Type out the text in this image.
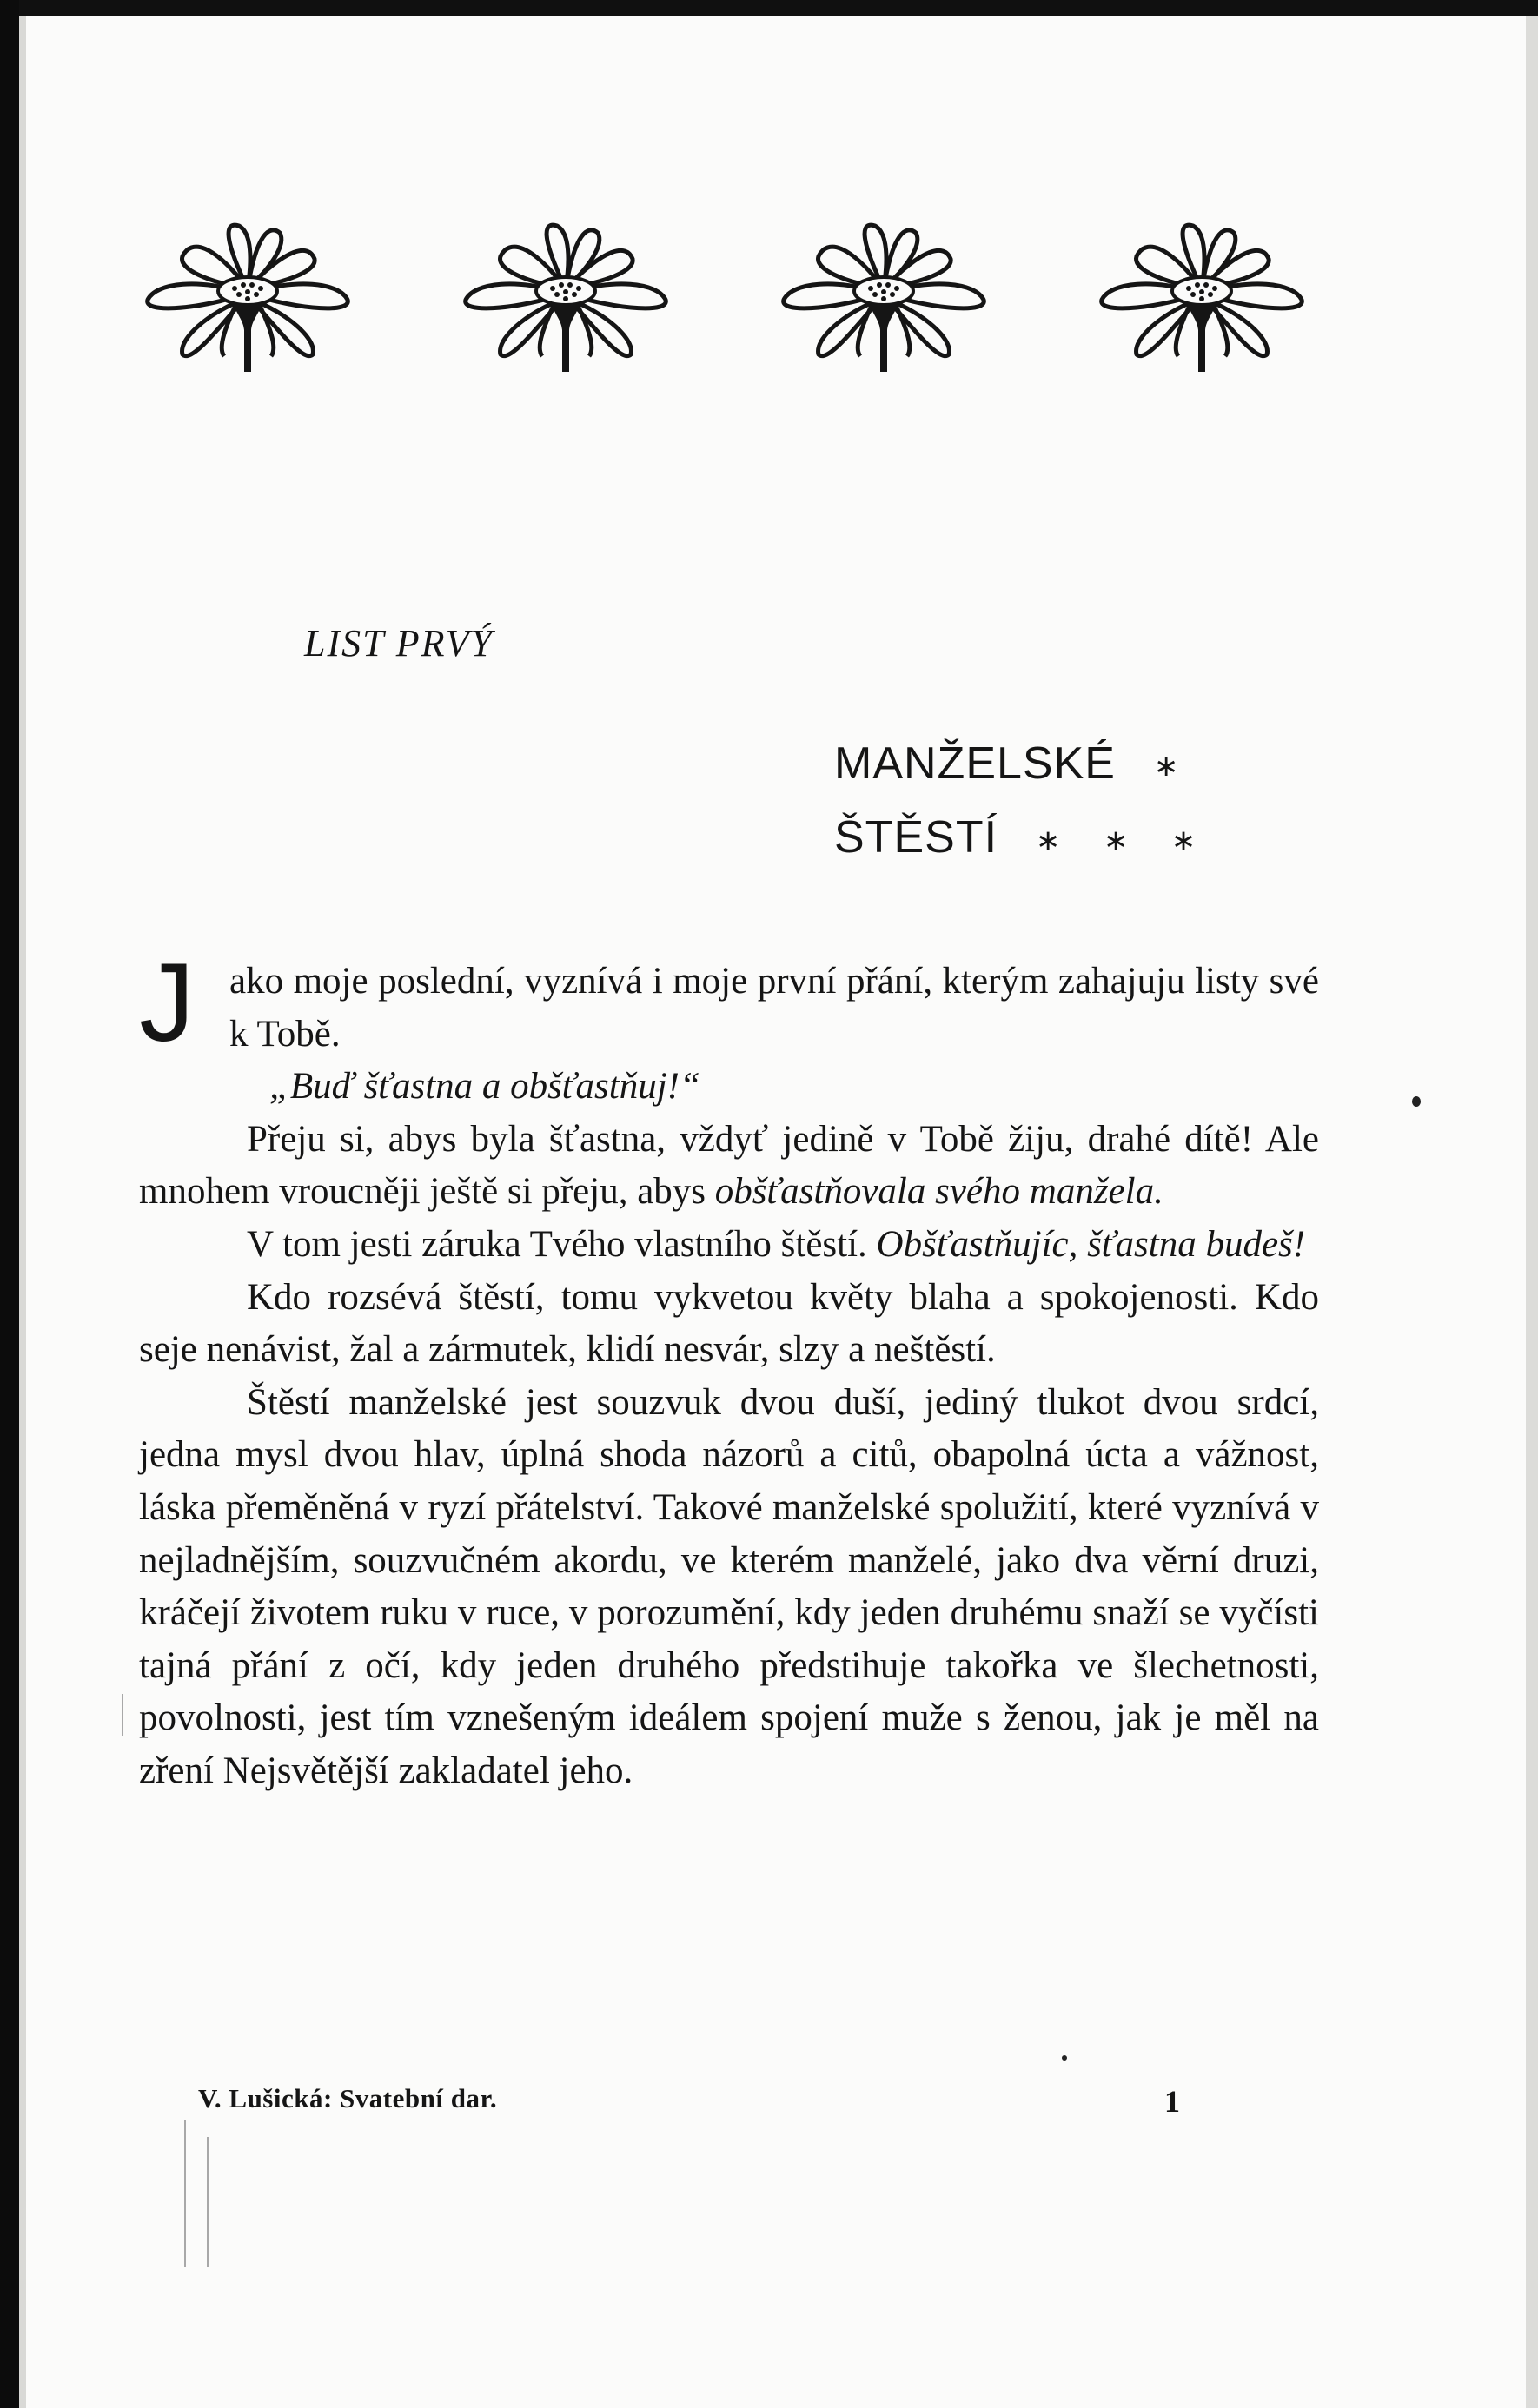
LIST PRVÝ
MANŽELSKÉ ∗
ŠTĚSTÍ ∗ ∗ ∗

Jako moje poslední, vyznívá i moje první přání, kterým zahajuju listy své k Tobě.

„Buď šťastna a obšťastňuj!“

Přeju si, abys byla šťastna, vždyť jedině v Tobě žiju, drahé dítě! Ale mnohem vroucněji ještě si přeju, abys obšťastňovala svého manžela.

V tom jesti záruka Tvého vlastního štěstí. Obšťastňujíc, šťastna budeš!

Kdo rozsévá štěstí, tomu vykvetou květy blaha a spokojenosti. Kdo seje nenávist, žal a zármutek, klidí nesvár, slzy a neštěstí.

Štěstí manželské jest souzvuk dvou duší, jediný tlukot dvou srdcí, jedna mysl dvou hlav, úplná shoda názorů a citů, obapolná úcta a vážnost, láska přeměněná v ryzí přátelství. Takové manželské spolužití, které vyznívá v nejladnějším, souzvučném akordu, ve kterém manželé, jako dva věrní druzi, kráčejí životem ruku v ruce, v porozumění, kdy jeden druhému snaží se vyčísti tajná přání z očí, kdy jeden druhého předstihuje takořka ve šlechetnosti, povolnosti, jest tím vznešeným ideálem spojení muže s ženou, jak je měl na zření Nejsvětější zakladatel jeho.

V. Lušická: Svatební dar.	1
